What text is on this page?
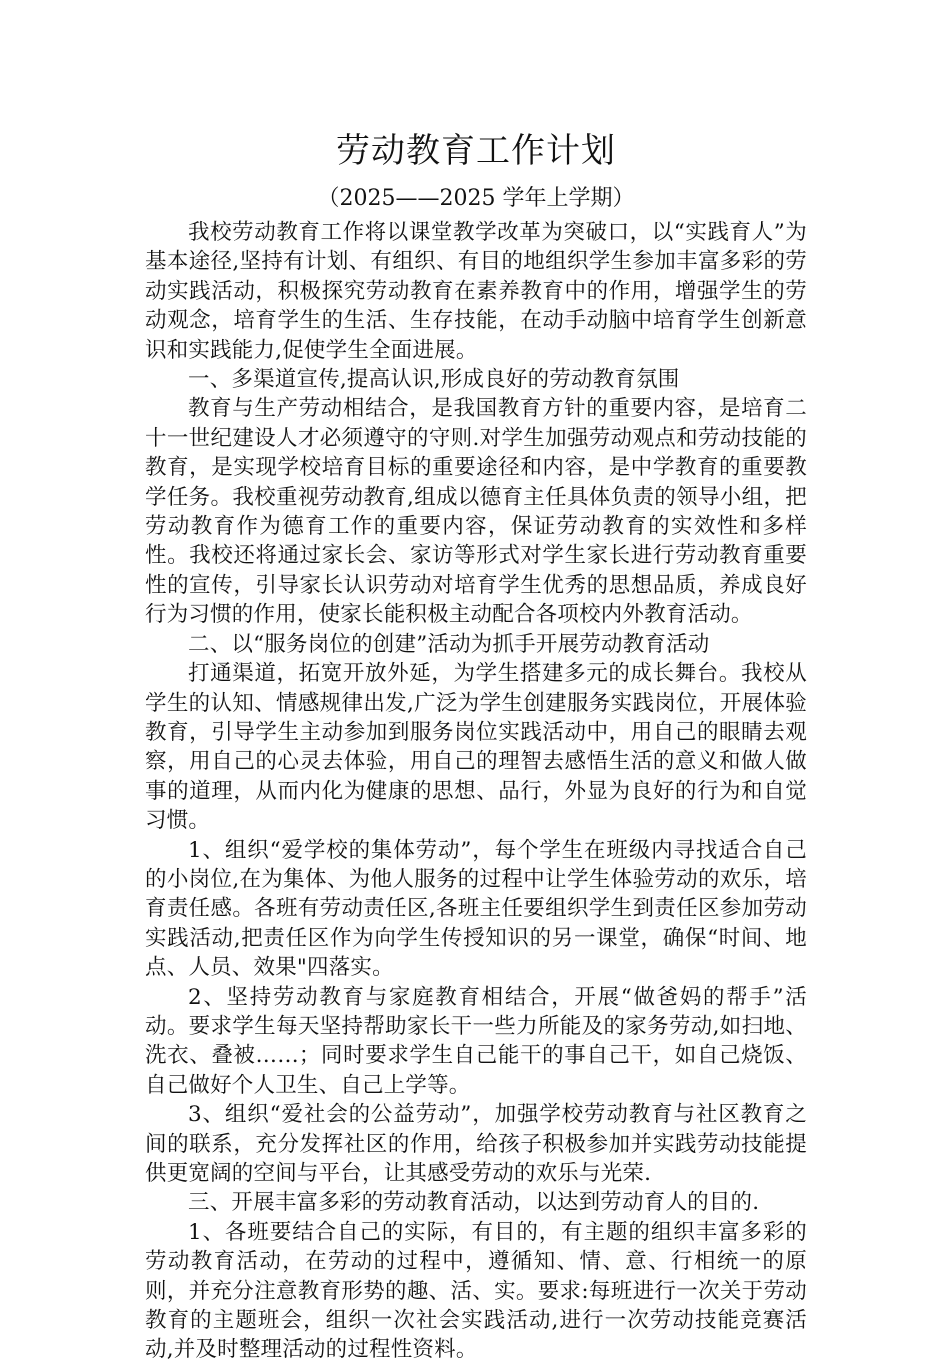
劳动教育工作计划
（2025——2025 学年上学期）

我校劳动教育工作将以课堂教学改革为突破口，以“实践育人”为基本途径,坚持有计划、有组织、有目的地组织学生参加丰富多彩的劳动实践活动，积极探究劳动教育在素养教育中的作用，增强学生的劳动观念，培育学生的生活、生存技能，在动手动脑中培育学生创新意识和实践能力,促使学生全面进展。

一、多渠道宣传,提高认识,形成良好的劳动教育氛围

教育与生产劳动相结合，是我国教育方针的重要内容，是培育二十一世纪建设人才必须遵守的守则.对学生加强劳动观点和劳动技能的教育，是实现学校培育目标的重要途径和内容，是中学教育的重要教学任务。我校重视劳动教育,组成以德育主任具体负责的领导小组，把劳动教育作为德育工作的重要内容，保证劳动教育的实效性和多样性。我校还将通过家长会、家访等形式对学生家长进行劳动教育重要性的宣传，引导家长认识劳动对培育学生优秀的思想品质，养成良好行为习惯的作用，使家长能积极主动配合各项校内外教育活动。

二、以“服务岗位的创建”活动为抓手开展劳动教育活动

打通渠道，拓宽开放外延，为学生搭建多元的成长舞台。我校从学生的认知、情感规律出发,广泛为学生创建服务实践岗位，开展体验教育，引导学生主动参加到服务岗位实践活动中，用自己的眼睛去观察，用自己的心灵去体验，用自己的理智去感悟生活的意义和做人做事的道理，从而内化为健康的思想、品行，外显为良好的行为和自觉习惯。

1、组织“爱学校的集体劳动”，每个学生在班级内寻找适合自己的小岗位,在为集体、为他人服务的过程中让学生体验劳动的欢乐，培育责任感。各班有劳动责任区,各班主任要组织学生到责任区参加劳动实践活动,把责任区作为向学生传授知识的另一课堂，确保“时间、地点、人员、效果"四落实。

2、坚持劳动教育与家庭教育相结合，开展“做爸妈的帮手”活动。要求学生每天坚持帮助家长干一些力所能及的家务劳动,如扫地、洗衣、叠被……；同时要求学生自己能干的事自己干，如自己烧饭、自己做好个人卫生、自己上学等。

3、组织“爱社会的公益劳动”，加强学校劳动教育与社区教育之间的联系，充分发挥社区的作用，给孩子积极参加并实践劳动技能提供更宽阔的空间与平台，让其感受劳动的欢乐与光荣.

三、开展丰富多彩的劳动教育活动，以达到劳动育人的目的.

1、各班要结合自己的实际，有目的，有主题的组织丰富多彩的劳动教育活动，在劳动的过程中，遵循知、情、意、行相统一的原则，并充分注意教育形势的趣、活、实。要求:每班进行一次关于劳动教育的主题班会，组织一次社会实践活动,进行一次劳动技能竞赛活动,并及时整理活动的过程性资料。
